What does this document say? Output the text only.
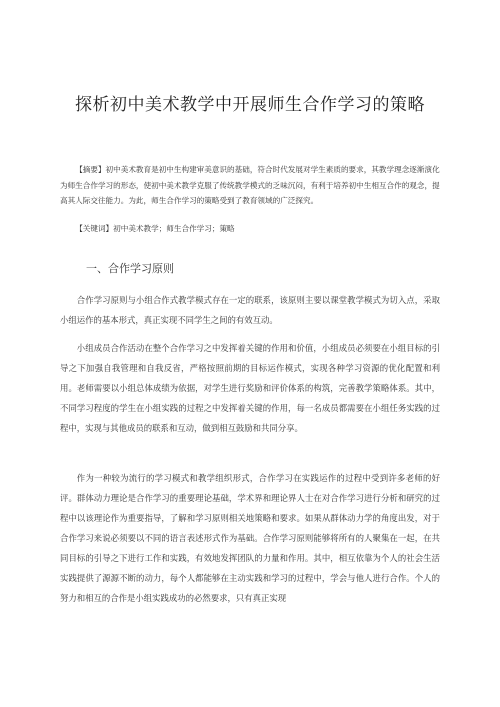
探析初中美术教学中开展师生合作学习的策略

【摘要】初中美术教育是初中生构建审美意识的基础，符合时代发展对学生素质的要求，其教学理念逐渐演化为师生合作学习的形态，使初中美术教学克服了传统教学模式的乏味沉闷，有利于培养初中生相互合作的观念，提高其人际交往能力。为此，师生合作学习的策略受到了教育领域的广泛探究。

【关键词】初中美术教学；师生合作学习；策略

一、合作学习原则

合作学习原则与小组合作式教学模式存在一定的联系，该原则主要以课堂教学模式为切入点，采取小组运作的基本形式，真正实现不同学生之间的有效互动。

小组成员合作活动在整个合作学习之中发挥着关键的作用和价值，小组成员必须要在小组目标的引导之下加强自我管理和自我反省，严格按照前期的目标运作模式，实现各种学习资源的优化配置和利用。老师需要以小组总体成绩为依据，对学生进行奖励和评价体系的构筑，完善教学策略体系。其中，不同学习程度的学生在小组实践的过程之中发挥着关键的作用，每一名成员都需要在小组任务实践的过程中，实现与其他成员的联系和互动，做到相互鼓励和共同分享。

作为一种较为流行的学习模式和教学组织形式，合作学习在实践运作的过程中受到许多老师的好评。群体动力理论是合作学习的重要理论基础，学术界和理论界人士在对合作学习进行分析和研究的过程中以该理论作为重要指导，了解和学习原则相关地策略和要求。如果从群体动力学的角度出发，对于合作学习来说必须要以不同的语言表述形式作为基础。合作学习原则能够将所有的人聚集在一起，在共同目标的引导之下进行工作和实践，有效地发挥团队的力量和作用。其中，相互依靠为个人的社会生活实践提供了源源不断的动力，每个人都能够在主动实践和学习的过程中，学会与他人进行合作。个人的努力和相互的合作是小组实践成功的必然要求，只有真正实现
